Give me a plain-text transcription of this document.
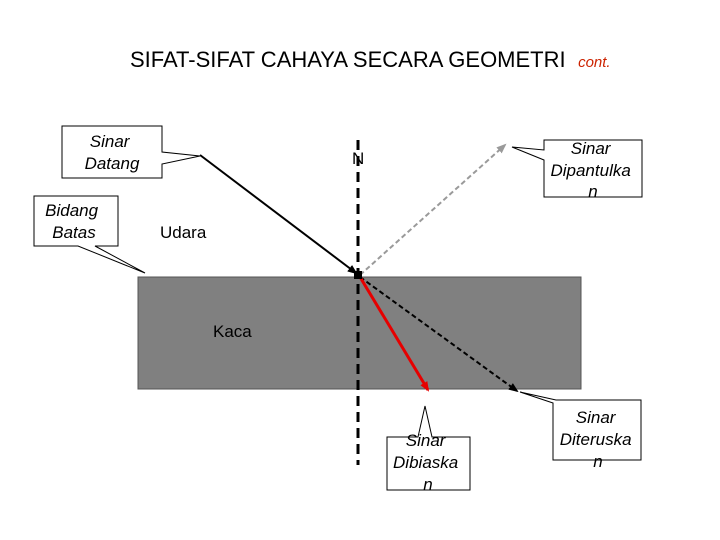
SIFAT-SIFAT CAHAYA SECARA GEOMETRI cont.
N
Udara
Kaca
Sinar Datang
Bidang Batas
Sinar Dipantulka n
Sinar Dibiaska n
Sinar Diteruska n
